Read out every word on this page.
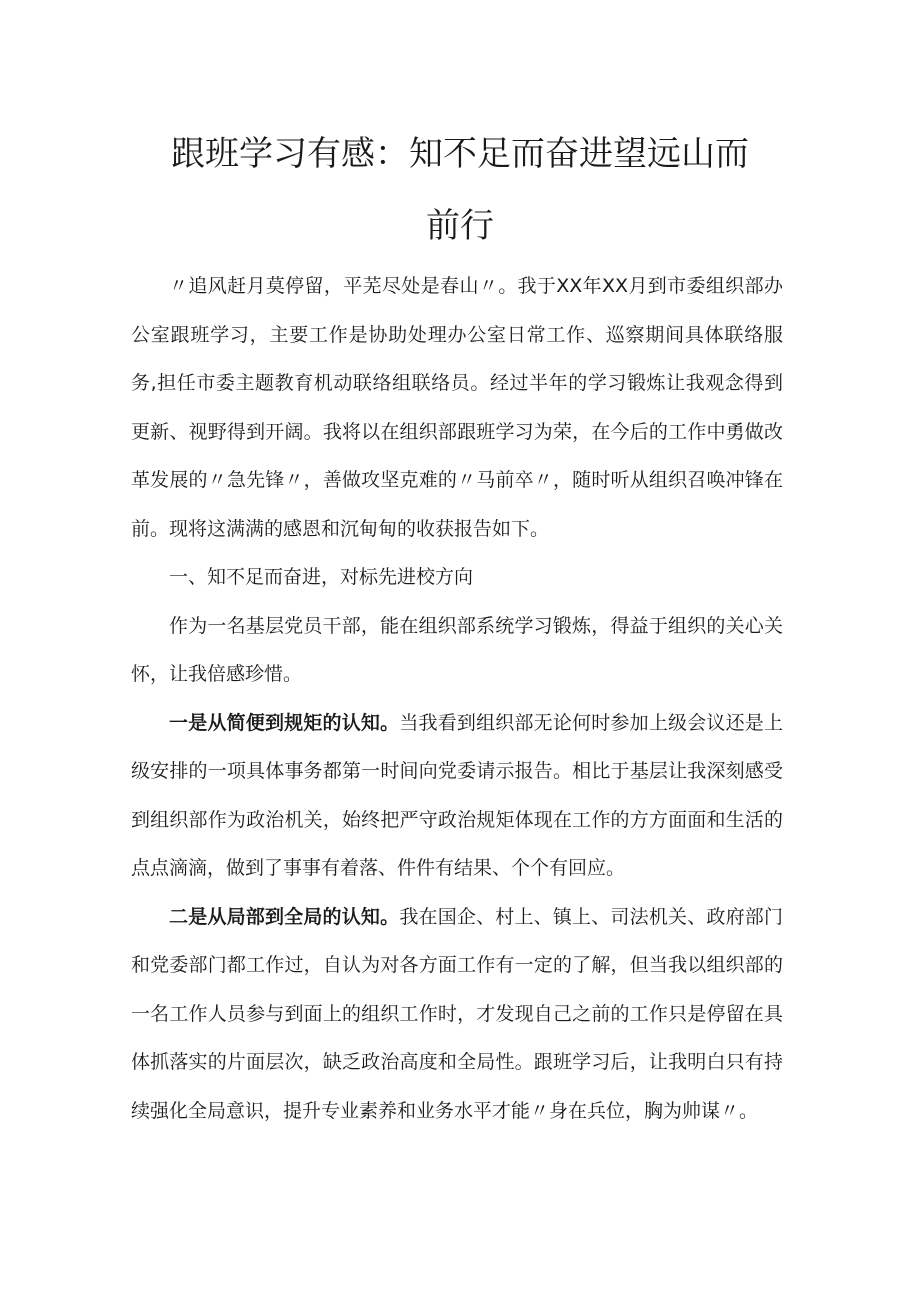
跟班学习有感：知不足而奋进望远山而
前行

〃追风赶月莫停留，平芜尽处是春山〃。我于XX年XX月到市委组织部办公室跟班学习，主要工作是协助处理办公室日常工作、巡察期间具体联络服务,担任市委主题教育机动联络组联络员。经过半年的学习锻炼让我观念得到更新、视野得到开阔。我将以在组织部跟班学习为荣，在今后的工作中勇做改革发展的〃急先锋〃，善做攻坚克难的〃马前卒〃，随时听从组织召唤冲锋在前。现将这满满的感恩和沉甸甸的收获报告如下。

一、知不足而奋进，对标先进校方向

作为一名基层党员干部，能在组织部系统学习锻炼，得益于组织的关心关怀，让我倍感珍惜。

一是从简便到规矩的认知。当我看到组织部无论何时参加上级会议还是上级安排的一项具体事务都第一时间向党委请示报告。相比于基层让我深刻感受到组织部作为政治机关，始终把严守政治规矩体现在工作的方方面面和生活的点点滴滴，做到了事事有着落、件件有结果、个个有回应。

二是从局部到全局的认知。我在国企、村上、镇上、司法机关、政府部门和党委部门都工作过，自认为对各方面工作有一定的了解，但当我以组织部的一名工作人员参与到面上的组织工作时，才发现自己之前的工作只是停留在具体抓落实的片面层次，缺乏政治高度和全局性。跟班学习后，让我明白只有持续强化全局意识，提升专业素养和业务水平才能〃身在兵位，胸为帅谋〃。
